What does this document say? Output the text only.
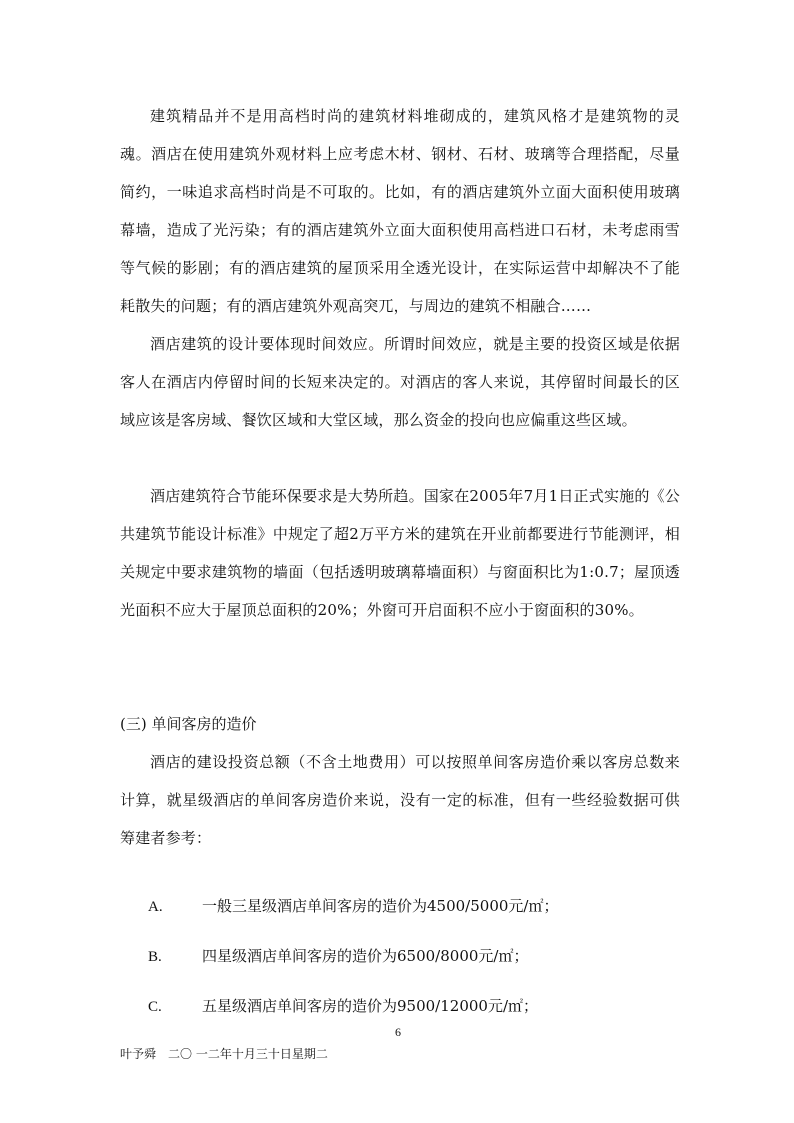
建筑精品并不是用高档时尚的建筑材料堆砌成的，建筑风格才是建筑物的灵魂。酒店在使用建筑外观材料上应考虑木材、钢材、石材、玻璃等合理搭配，尽量简约，一味追求高档时尚是不可取的。比如，有的酒店建筑外立面大面积使用玻璃幕墙，造成了光污染；有的酒店建筑外立面大面积使用高档进口石材，未考虑雨雪等气候的影剧；有的酒店建筑的屋顶采用全透光设计，在实际运营中却解决不了能耗散失的问题；有的酒店建筑外观高突兀，与周边的建筑不相融合……

酒店建筑的设计要体现时间效应。所谓时间效应，就是主要的投资区域是依据客人在酒店内停留时间的长短来决定的。对酒店的客人来说，其停留时间最长的区域应该是客房域、餐饮区域和大堂区域，那么资金的投向也应偏重这些区域。

酒店建筑符合节能环保要求是大势所趋。国家在2005年7月1日正式实施的《公共建筑节能设计标准》中规定了超2万平方米的建筑在开业前都要进行节能测评，相关规定中要求建筑物的墙面（包括透明玻璃幕墙面积）与窗面积比为1:0.7；屋顶透光面积不应大于屋顶总面积的20%；外窗可开启面积不应小于窗面积的30%。

(三) 单间客房的造价

酒店的建设投资总额（不含土地费用）可以按照单间客房造价乘以客房总数来计算，就星级酒店的单间客房造价来说，没有一定的标准，但有一些经验数据可供筹建者参考：

A.	一般三星级酒店单间客房的造价为4500/5000元/㎡；
B.	四星级酒店单间客房的造价为6500/8000元/㎡；
C.	五星级酒店单间客房的造价为9500/12000元/㎡；
6
叶予舜　二〇 一二年十月三十日星期二
